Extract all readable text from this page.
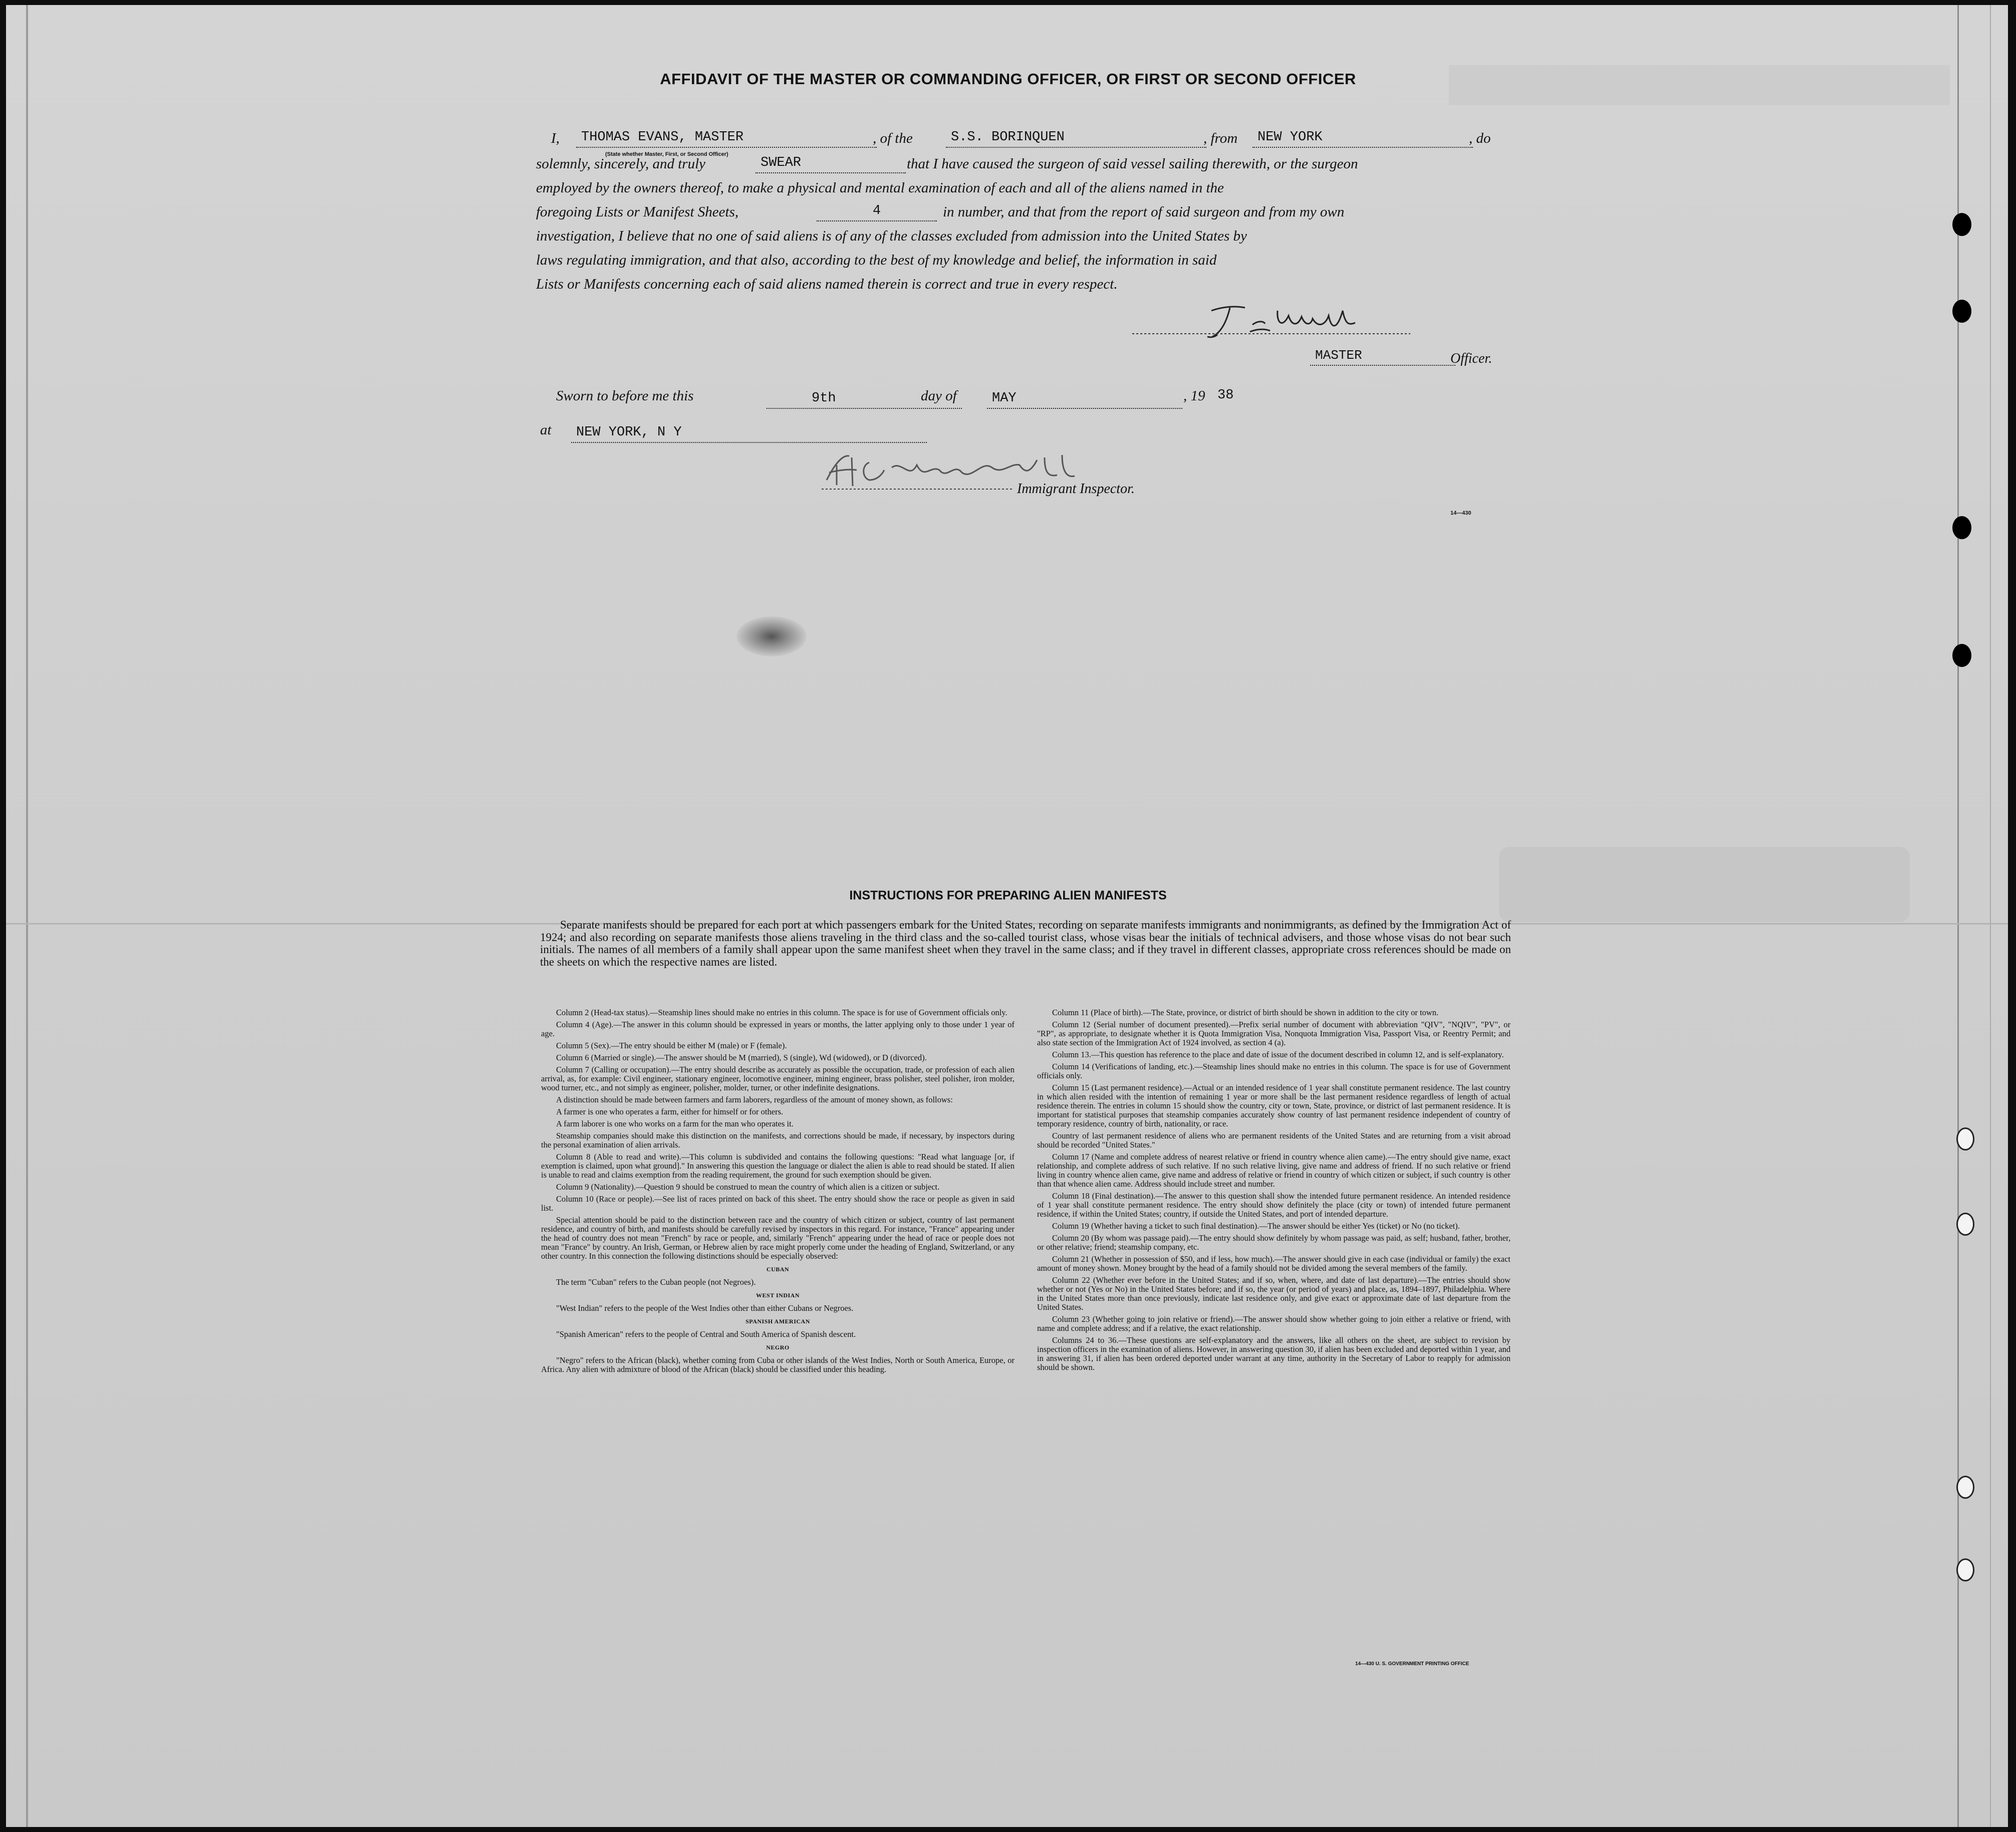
AFFIDAVIT OF THE MASTER OR COMMANDING OFFICER, OR FIRST OR SECOND OFFICER
I,	THOMAS EVANS, MASTER	, of the	S.S. BORINQUEN	, from	NEW YORK	, do
(State whether Master, First, or Second Officer)
solemnly, sincerely, and truly	SWEAR	that I have caused the surgeon of said vessel sailing therewith, or the surgeon
employed by the owners thereof, to make a physical and mental examination of each and all of the aliens named in the
foregoing Lists or Manifest Sheets,	4	in number, and that from the report of said surgeon and from my own
investigation, I believe that no one of said aliens is of any of the classes excluded from admission into the United States by
laws regulating immigration, and that also, according to the best of my knowledge and belief, the information in said
Lists or Manifests concerning each of said aliens named therein is correct and true in every respect.
MASTER	Officer.
Sworn to before me this	9th	day of	MAY	, 19 38
at	NEW YORK, N Y
Immigrant Inspector.
14—430
INSTRUCTIONS FOR PREPARING ALIEN MANIFESTS
Separate manifests should be prepared for each port at which passengers embark for the United States, recording on separate manifests immigrants and nonimmigrants, as defined by the Immigration Act of 1924; and also recording on separate manifests those aliens traveling in the third class and the so-called tourist class, whose visas bear the initials of technical advisers, and those whose visas do not bear such initials. The names of all members of a family shall appear upon the same manifest sheet when they travel in the same class; and if they travel in different classes, appropriate cross references should be made on the sheets on which the respective names are listed.

Column 2 (Head-tax status).—Steamship lines should make no entries in this column. The space is for use of Government officials only.

Column 4 (Age).—The answer in this column should be expressed in years or months, the latter applying only to those under 1 year of age.

Column 5 (Sex).—The entry should be either M (male) or F (female).

Column 6 (Married or single).—The answer should be M (married), S (single), Wd (widowed), or D (divorced).

Column 7 (Calling or occupation).—The entry should describe as accurately as possible the occupation, trade, or profession of each alien arrival, as, for example: Civil engineer, stationary engineer, locomotive engineer, mining engineer, brass polisher, steel polisher, iron molder, wood turner, etc., and not simply as engineer, polisher, molder, turner, or other indefinite designations.

A distinction should be made between farmers and farm laborers, regardless of the amount of money shown, as follows:

A farmer is one who operates a farm, either for himself or for others.

A farm laborer is one who works on a farm for the man who operates it.

Steamship companies should make this distinction on the manifests, and corrections should be made, if necessary, by inspectors during the personal examination of alien arrivals.

Column 8 (Able to read and write).—This column is subdivided and contains the following questions: "Read what language [or, if exemption is claimed, upon what ground]." In answering this question the language or dialect the alien is able to read should be stated. If alien is unable to read and claims exemption from the reading requirement, the ground for such exemption should be given.

Column 9 (Nationality).—Question 9 should be construed to mean the country of which alien is a citizen or subject.

Column 10 (Race or people).—See list of races printed on back of this sheet. The entry should show the race or people as given in said list.

Special attention should be paid to the distinction between race and the country of which citizen or subject, country of last permanent residence, and country of birth, and manifests should be carefully revised by inspectors in this regard. For instance, "France" appearing under the head of country does not mean "French" by race or people, and, similarly "French" appearing under the head of race or people does not mean "France" by country. An Irish, German, or Hebrew alien by race might properly come under the heading of England, Switzerland, or any other country. In this connection the following distinctions should be especially observed:

CUBAN

The term "Cuban" refers to the Cuban people (not Negroes).

WEST INDIAN

"West Indian" refers to the people of the West Indies other than either Cubans or Negroes.

SPANISH AMERICAN

"Spanish American" refers to the people of Central and South America of Spanish descent.

NEGRO

"Negro" refers to the African (black), whether coming from Cuba or other islands of the West Indies, North or South America, Europe, or Africa. Any alien with admixture of blood of the African (black) should be classified under this heading.

Column 11 (Place of birth).—The State, province, or district of birth should be shown in addition to the city or town.

Column 12 (Serial number of document presented).—Prefix serial number of document with abbreviation "QIV", "NQIV", "PV", or "RP", as appropriate, to designate whether it is Quota Immigration Visa, Nonquota Immigration Visa, Passport Visa, or Reentry Permit; and also state section of the Immigration Act of 1924 involved, as section 4 (a).

Column 13.—This question has reference to the place and date of issue of the document described in column 12, and is self-explanatory.

Column 14 (Verifications of landing, etc.).—Steamship lines should make no entries in this column. The space is for use of Government officials only.

Column 15 (Last permanent residence).—Actual or an intended residence of 1 year shall constitute permanent residence. The last country in which alien resided with the intention of remaining 1 year or more shall be the last permanent residence regardless of length of actual residence therein. The entries in column 15 should show the country, city or town, State, province, or district of last permanent residence. It is important for statistical purposes that steamship companies accurately show country of last permanent residence independent of country of temporary residence, country of birth, nationality, or race.

Country of last permanent residence of aliens who are permanent residents of the United States and are returning from a visit abroad should be recorded "United States."

Column 17 (Name and complete address of nearest relative or friend in country whence alien came).—The entry should give name, exact relationship, and complete address of such relative. If no such relative living, give name and address of friend. If no such relative or friend living in country whence alien came, give name and address of relative or friend in country of which citizen or subject, if such country is other than that whence alien came. Address should include street and number.

Column 18 (Final destination).—The answer to this question shall show the intended future permanent residence. An intended residence of 1 year shall constitute permanent residence. The entry should show definitely the place (city or town) of intended future permanent residence, if within the United States; country, if outside the United States, and port of intended departure.

Column 19 (Whether having a ticket to such final destination).—The answer should be either Yes (ticket) or No (no ticket).

Column 20 (By whom was passage paid).—The entry should show definitely by whom passage was paid, as self; husband, father, brother, or other relative; friend; steamship company, etc.

Column 21 (Whether in possession of $50, and if less, how much).—The answer should give in each case (individual or family) the exact amount of money shown. Money brought by the head of a family should not be divided among the several members of the family.

Column 22 (Whether ever before in the United States; and if so, when, where, and date of last departure).—The entries should show whether or not (Yes or No) in the United States before; and if so, the year (or period of years) and place, as, 1894–1897, Philadelphia. Where in the United States more than once previously, indicate last residence only, and give exact or approximate date of last departure from the United States.

Column 23 (Whether going to join relative or friend).—The answer should show whether going to join either a relative or friend, with name and complete address; and if a relative, the exact relationship.

Columns 24 to 36.—These questions are self-explanatory and the answers, like all others on the sheet, are subject to revision by inspection officers in the examination of aliens. However, in answering question 30, if alien has been excluded and deported within 1 year, and in answering 31, if alien has been ordered deported under warrant at any time, authority in the Secretary of Labor to reapply for admission should be shown.

14—430 U. S. GOVERNMENT PRINTING OFFICE
